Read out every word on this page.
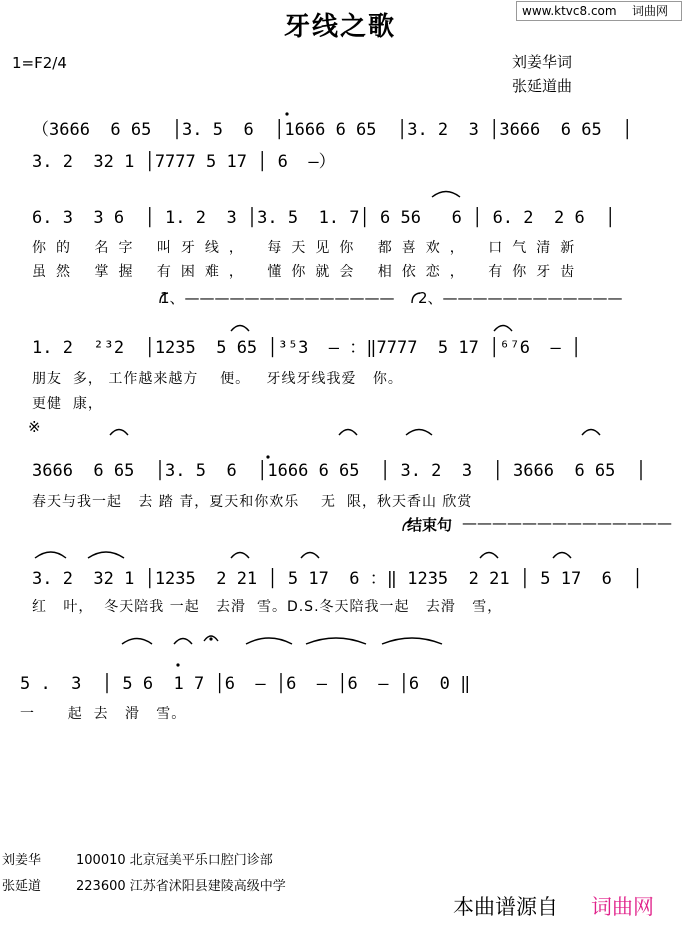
www.ktvc8.com 词曲网
牙线之歌
1=F2/4	刘姜华词
张延道曲
（3666  6 65  │3. 5  6  │1666 6 65  │3. 2  3 │3666  6 65  │
3. 2  32 1 │7777 5 17 │ 6  —）
6. 3  3 6  │ 1. 2  3 │3. 5  1. 7│ 6 56   6 │ 6. 2  2 6  │
你的 名字 叫牙线， 每天见你 都喜欢， 口气清新
虽然 掌握 有困难， 懂你就会 相依恋， 有你牙齿
1、—————————————— 2、————————————
1. 2  ²³2  │1235  5 65 │³⁵3  — ：‖7777  5 17 │⁶⁷6  — │
朋友  多， 工作越来越方    便。   牙线牙线我爱   你。
更健  康，
※
3666  6 65  │3. 5  6  │1666 6 65  │ 3. 2  3  │ 3666  6 65  │
春天与我一起   去 踏 青，夏天和你欢乐    无  限，秋天香山 欣赏
结束句 ——————————————
3. 2  32 1 │1235  2 21 │ 5 17  6 ：‖ 1235  2 21 │ 5 17  6  │
红   叶，  冬天陪我 一起   去滑  雪。D.S.冬天陪我一起   去滑   雪，
5 .  3  │ 5 6  1 7 │6  — │6  — │6  — │6  0 ‖
一      起  去   滑   雪。
刘姜华	100010 北京冠美平乐口腔门诊部
张延道	223600 江苏省沭阳县建陵高级中学
本曲谱源自 词曲网
